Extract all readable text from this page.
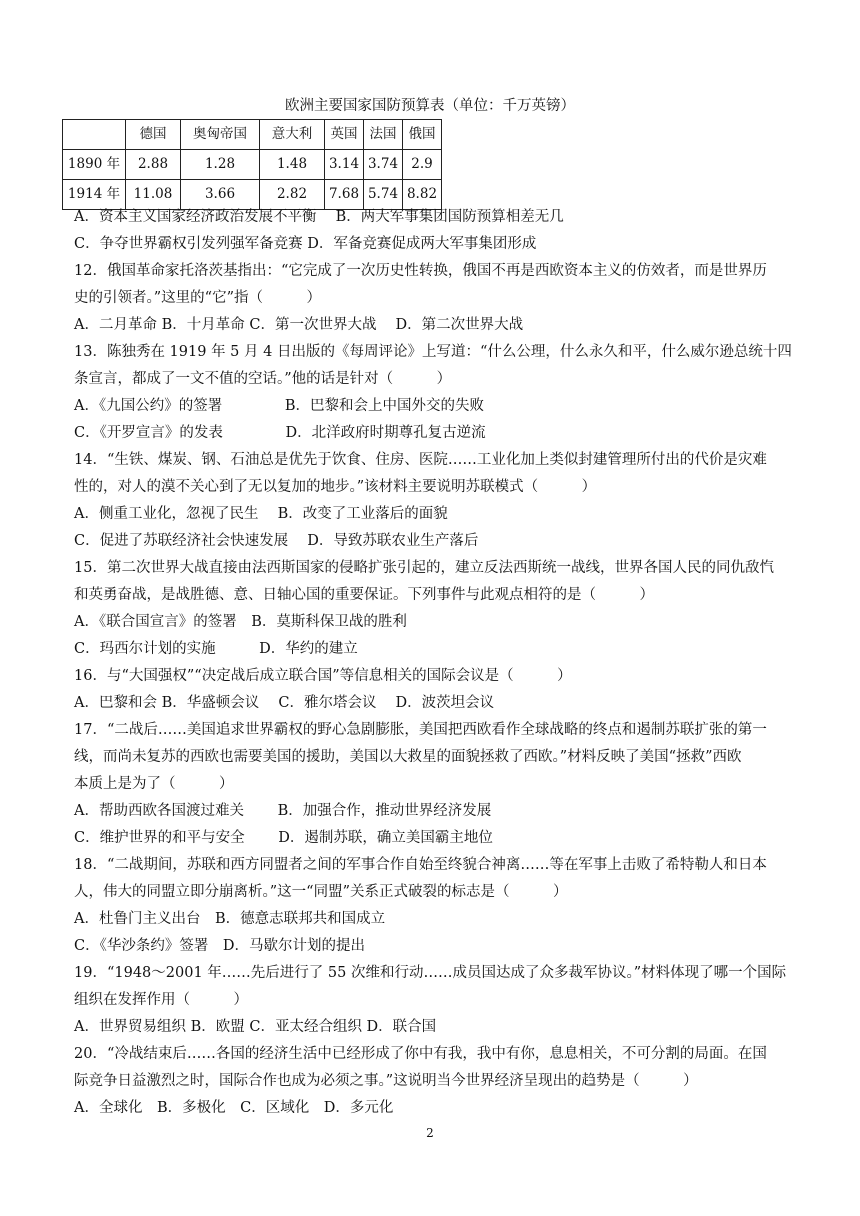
欧洲主要国家国防预算表（单位：千万英镑）
	德国	奥匈帝国	意大利	英国	法国	俄国
1890 年	2.88	1.28	1.48	3.14	3.74	2.9
1914 年	11.08	3.66	2.82	7.68	5.74	8.82
A．资本主义国家经济政治发展不平衡　 B．两大军事集团国防预算相差无几
C．争夺世界霸权引发列强军备竞赛 D．军备竞赛促成两大军事集团形成
12．俄国革命家托洛茨基指出：“它完成了一次历史性转换，俄国不再是西欧资本主义的仿效者，而是世界历
史的引领者。”这里的“它”指（　　　）
A．二月革命 B．十月革命 C．第一次世界大战　 D．第二次世界大战
13．陈独秀在 1919 年 5 月 4 日出版的《每周评论》上写道：“什么公理，什么永久和平，什么威尔逊总统十四
条宣言，都成了一文不值的空话。”他的话是针对（　　　）
A．《九国公约》的签署　　　　 B．巴黎和会上中国外交的失败
C．《开罗宣言》的发表　　　　 D．北洋政府时期尊孔复古逆流
14．“生铁、煤炭、钢、石油总是优先于饮食、住房、医院……工业化加上类似封建管理所付出的代价是灾难
性的，对人的漠不关心到了无以复加的地步。”该材料主要说明苏联模式（　　　）
A．侧重工业化，忽视了民生　 B．改变了工业落后的面貌
C．促进了苏联经济社会快速发展　 D．导致苏联农业生产落后
15．第二次世界大战直接由法西斯国家的侵略扩张引起的，建立反法西斯统一战线，世界各国人民的同仇敌忾
和英勇奋战，是战胜德、意、日轴心国的重要保证。下列事件与此观点相符的是（　　　）
A．《联合国宣言》的签署　B．莫斯科保卫战的胜利
C．玛西尔计划的实施　　　D．华约的建立
16．与“大国强权”“决定战后成立联合国”等信息相关的国际会议是（　　　）
A．巴黎和会 B．华盛顿会议　 C．雅尔塔会议　 D．波茨坦会议
17．“二战后……美国追求世界霸权的野心急剧膨胀，美国把西欧看作全球战略的终点和遏制苏联扩张的第一
线，而尚未复苏的西欧也需要美国的援助，美国以大救星的面貌拯救了西欧。”材料反映了美国“拯救”西欧
本质上是为了（　　　）
A．帮助西欧各国渡过难关　　 B．加强合作，推动世界经济发展
C．维护世界的和平与安全　　 D．遏制苏联，确立美国霸主地位
18．“二战期间，苏联和西方同盟者之间的军事合作自始至终貌合神离……等在军事上击败了希特勒人和日本
人，伟大的同盟立即分崩离析。”这一“同盟”关系正式破裂的标志是（　　　）
A．杜鲁门主义出台　B．德意志联邦共和国成立
C．《华沙条约》签署　D．马歇尔计划的提出
19．“1948～2001 年……先后进行了 55 次维和行动……成员国达成了众多裁军协议。”材料体现了哪一个国际
组织在发挥作用（　　　）
A．世界贸易组织 B．欧盟 C．亚太经合组织 D．联合国
20．“冷战结束后……各国的经济生活中已经形成了你中有我，我中有你，息息相关，不可分割的局面。在国
际竞争日益激烈之时，国际合作也成为必须之事。”这说明当今世界经济呈现出的趋势是（　　　）
A．全球化　B．多极化　C．区域化　D．多元化
2
